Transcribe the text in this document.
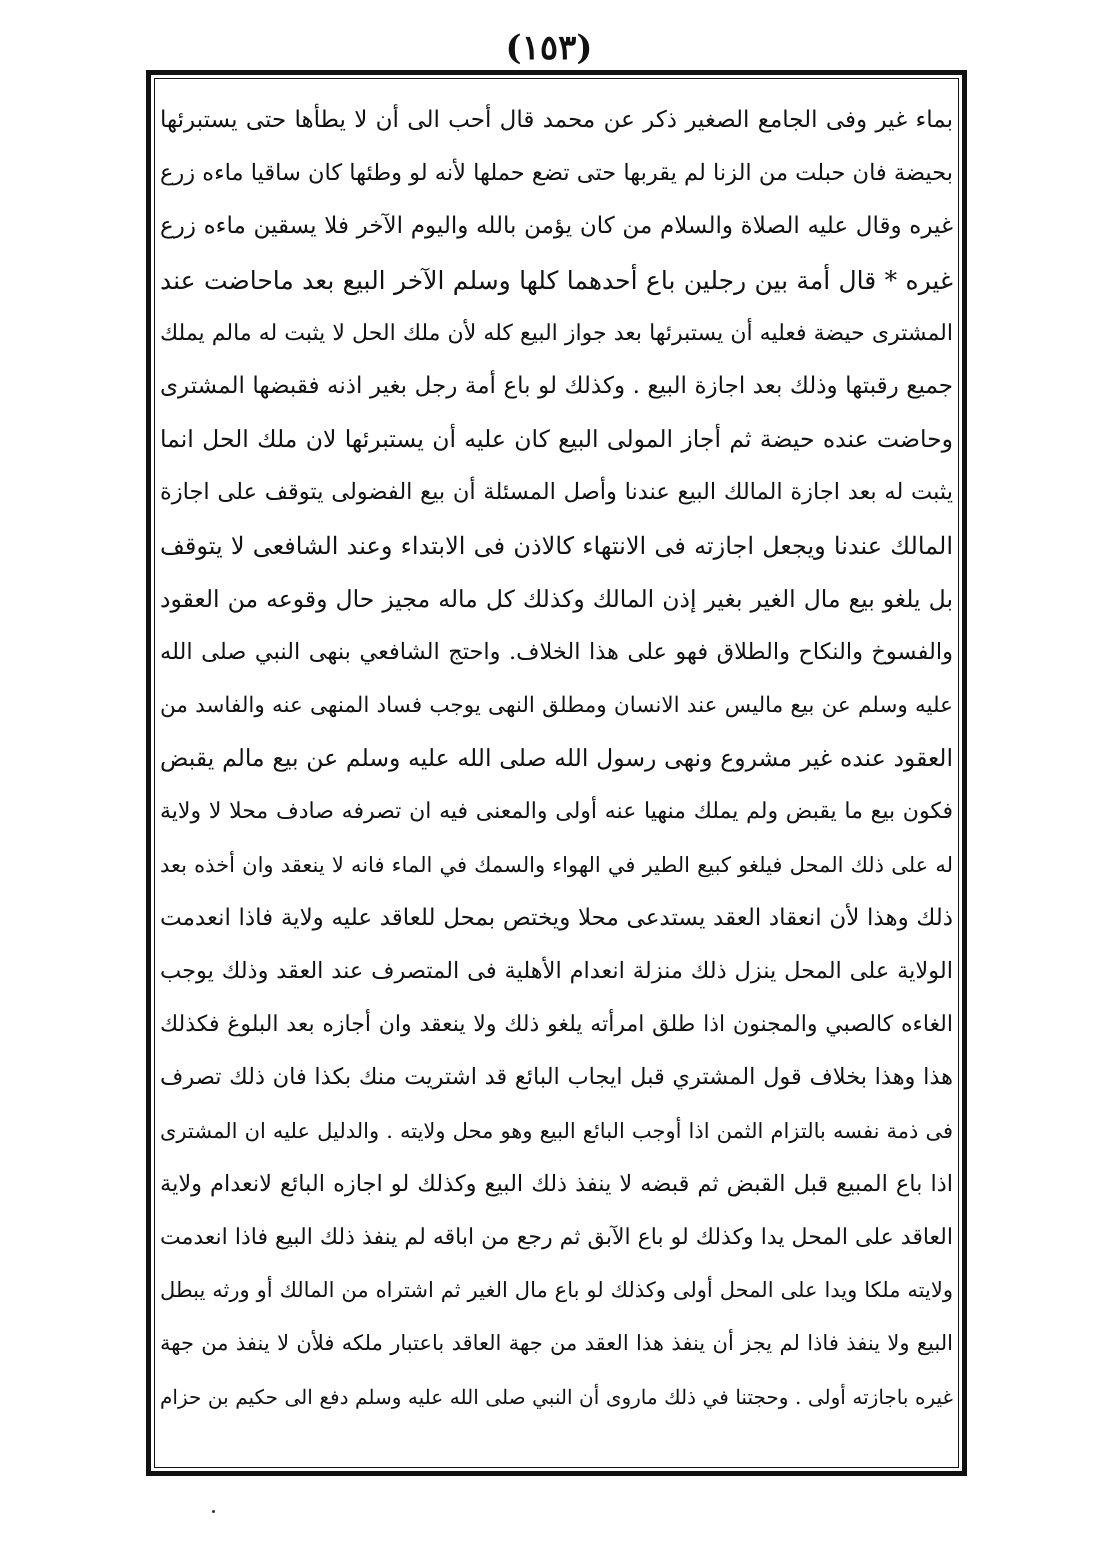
(١٥٣)
بماء غير وفى الجامع الصغير ذكر عن محمد قال أحب الى أن لا يطأها حتى يستبرئها
بحيضة فان حبلت من الزنا لم يقربها حتى تضع حملها لأنه لو وطئها كان ساقيا ماءه زرع
غيره وقال عليه الصلاة والسلام من كان يؤمن بالله واليوم الآخر فلا يسقين ماءه زرع
غيره * قال أمة بين رجلين باع أحدهما كلها وسلم الآخر البيع بعد ماحاضت عند
المشترى حيضة فعليه أن يستبرئها بعد جواز البيع كله لأن ملك الحل لا يثبت له مالم يملك
جميع رقبتها وذلك بعد اجازة البيع . وكذلك لو باع أمة رجل بغير اذنه فقبضها المشترى
وحاضت عنده حيضة ثم أجاز المولى البيع كان عليه أن يستبرئها لان ملك الحل انما
يثبت له بعد اجازة المالك البيع عندنا وأصل المسئلة أن بيع الفضولى يتوقف على اجازة
المالك عندنا ويجعل اجازته فى الانتهاء كالاذن فى الابتداء وعند الشافعى لا يتوقف
بل يلغو بيع مال الغير بغير إذن المالك وكذلك كل ماله مجيز حال وقوعه من العقود
والفسوخ والنكاح والطلاق فهو على هذا الخلاف. واحتج الشافعي بنهى النبي صلى الله
عليه وسلم عن بيع ماليس عند الانسان ومطلق النهى يوجب فساد المنهى عنه والفاسد من
العقود عنده غير مشروع ونهى رسول الله صلى الله عليه وسلم عن بيع مالم يقبض
فكون بيع ما يقبض ولم يملك منهيا عنه أولى والمعنى فيه ان تصرفه صادف محلا لا ولاية
له على ذلك المحل فيلغو كبيع الطير في الهواء والسمك في الماء فانه لا ينعقد وان أخذه بعد
ذلك وهذا لأن انعقاد العقد يستدعى محلا ويختص بمحل للعاقد عليه ولاية فاذا انعدمت
الولاية على المحل ينزل ذلك منزلة انعدام الأهلية فى المتصرف عند العقد وذلك يوجب
الغاءه كالصبي والمجنون اذا طلق امرأته يلغو ذلك ولا ينعقد وان أجازه بعد البلوغ فكذلك
هذا وهذا بخلاف قول المشتري قبل ايجاب البائع قد اشتريت منك بكذا فان ذلك تصرف
فى ذمة نفسه بالتزام الثمن اذا أوجب البائع البيع وهو محل ولايته . والدليل عليه ان المشترى
اذا باع المبيع قبل القبض ثم قبضه لا ينفذ ذلك البيع وكذلك لو اجازه البائع لانعدام ولاية
العاقد على المحل يدا وكذلك لو باع الآبق ثم رجع من اباقه لم ينفذ ذلك البيع فاذا انعدمت
ولايته ملكا ويدا على المحل أولى وكذلك لو باع مال الغير ثم اشتراه من المالك أو ورثه يبطل
البيع ولا ينفذ فاذا لم يجز أن ينفذ هذا العقد من جهة العاقد باعتبار ملكه فلأن لا ينفذ من جهة
غيره باجازته أولى . وحجتنا في ذلك ماروى أن النبي صلى الله عليه وسلم دفع الى حكيم بن حزام
